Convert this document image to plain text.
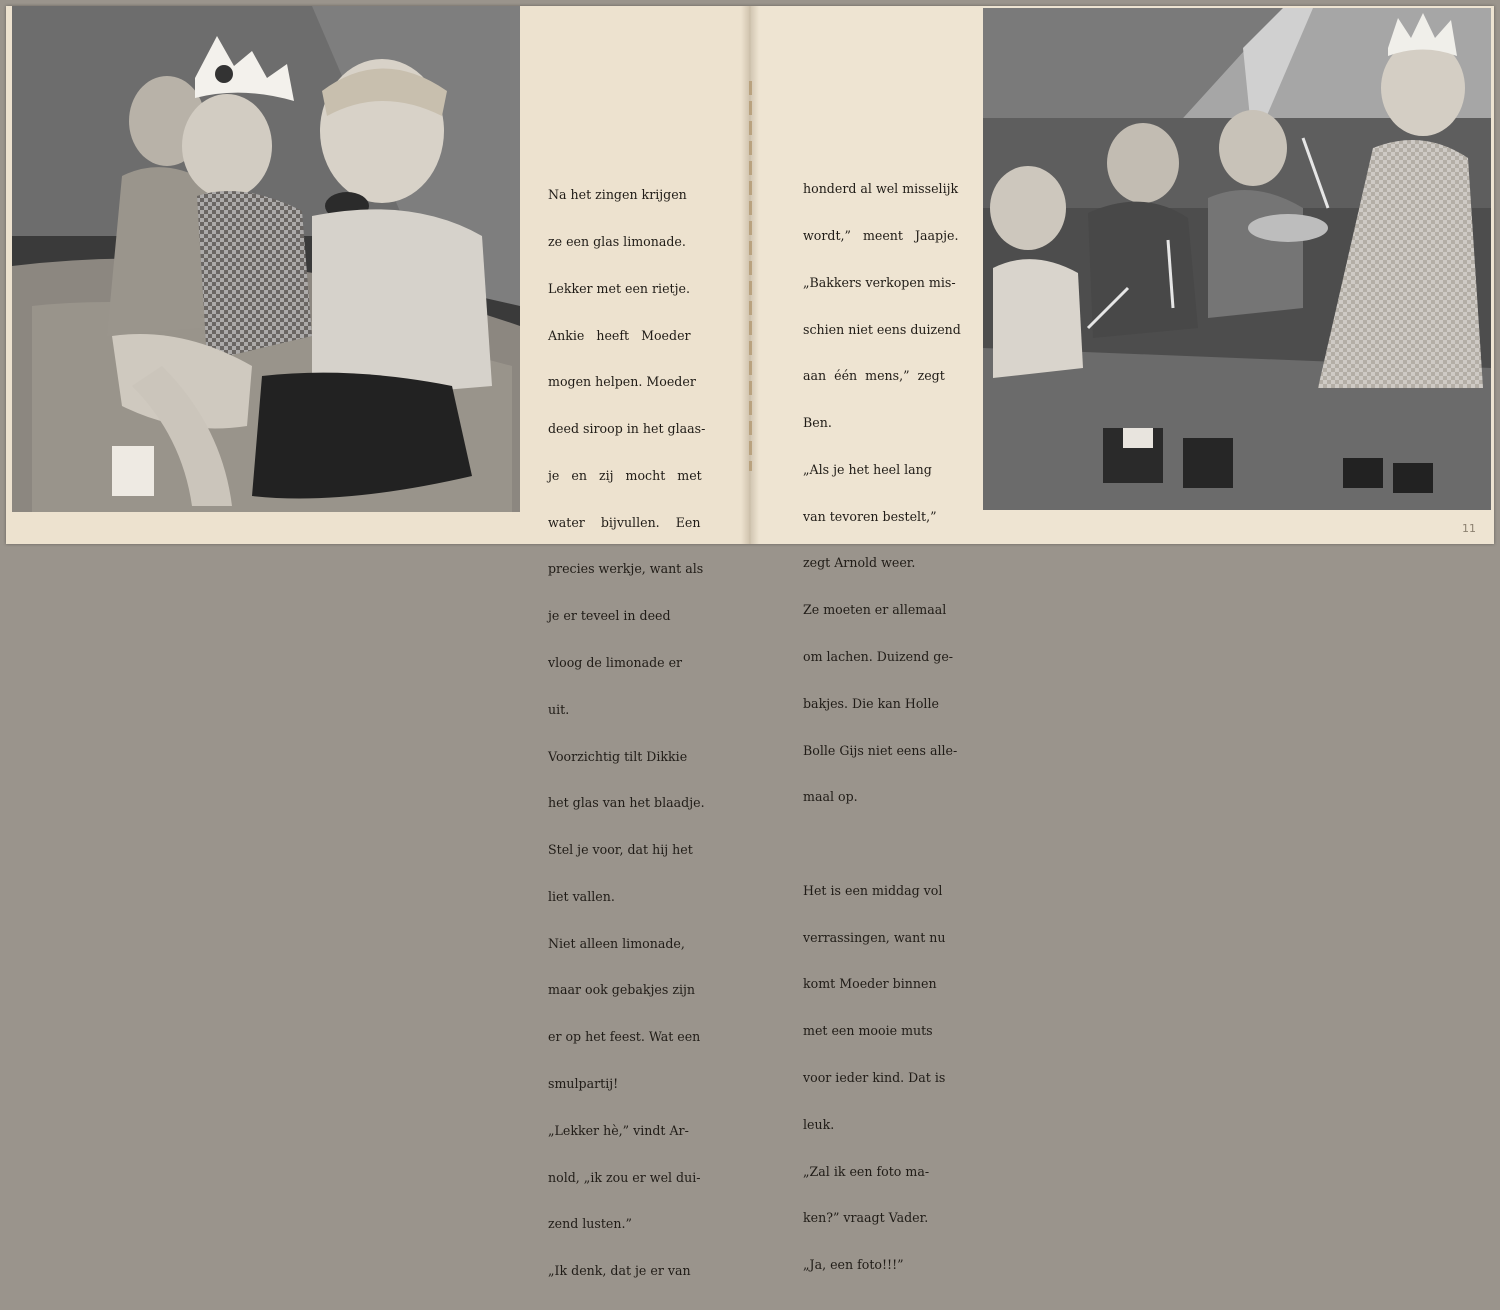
Na het zingen krijgen

ze een glas limonade.

Lekker met een rietje.

Ankie   heeft   Moeder

mogen helpen. Moeder

deed siroop in het glaas-

je   en   zij   mocht   met

water    bijvullen.    Een

precies werkje, want als

je er teveel in deed

vloog de limonade er

uit.

Voorzichtig tilt Dikkie

het glas van het blaadje.

Stel je voor, dat hij het

liet vallen.

Niet alleen limonade,

maar ook gebakjes zijn

er op het feest. Wat een

smulpartij!

„Lekker hè,” vindt Ar-

nold, „ik zou er wel dui-

zend lusten.”

„Ik denk, dat je er van

honderd al wel misselijk

wordt,”   meent   Jaapje.

„Bakkers verkopen mis-

schien niet eens duizend

aan  één  mens,”  zegt

Ben.

„Als je het heel lang

van tevoren bestelt,”

zegt Arnold weer.

Ze moeten er allemaal

om lachen. Duizend ge-

bakjes. Die kan Holle

Bolle Gijs niet eens alle-

maal op.

Het is een middag vol

verrassingen, want nu

komt Moeder binnen

met een mooie muts

voor ieder kind. Dat is

leuk.

„Zal ik een foto ma-

ken?” vraagt Vader.

„Ja, een foto!!!”

11
